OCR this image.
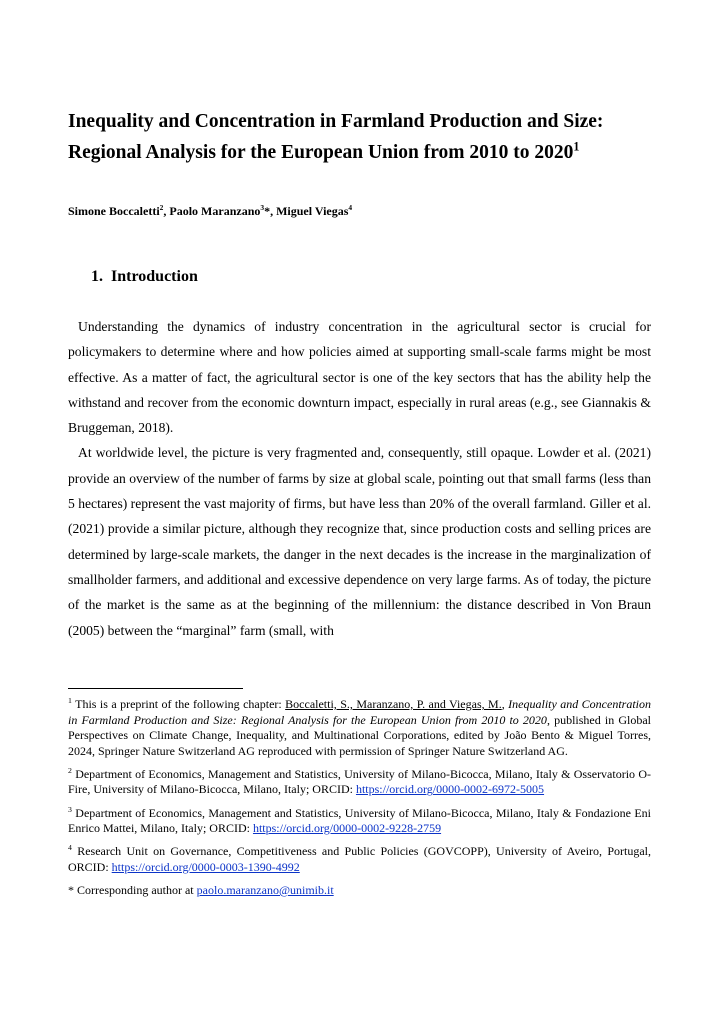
Inequality and Concentration in Farmland Production and Size:

Regional Analysis for the European Union from 2010 to 2020$^1$

Simone Boccaletti$^2$, Paolo Maranzano$^3$*, Miguel Viegas$^4$
1. Introduction

Understanding the dynamics of industry concentration in the agricultural sector is crucial for policymakers to determine where and how policies aimed at supporting small-scale farms might be most effective. As a matter of fact, the agricultural sector is one of the key sectors that has the ability help the withstand and recover from the economic downturn impact, especially in rural areas (e.g., see Giannakis & Bruggeman, 2018).

At worldwide level, the picture is very fragmented and, consequently, still opaque. Lowder et al. (2021) provide an overview of the number of farms by size at global scale, pointing out that small farms (less than 5 hectares) represent the vast majority of firms, but have less than 20% of the overall farmland. Giller et al. (2021) provide a similar picture, although they recognize that, since production costs and selling prices are determined by large-scale markets, the danger in the next decades is the increase in the marginalization of smallholder farmers, and additional and excessive dependence on very large farms. As of today, the picture of the market is the same as at the beginning of the millennium: the distance described in Von Braun (2005) between the “marginal” farm (small, with

$^1$ This is a preprint of the following chapter: Boccaletti, S., Maranzano, P. and Viegas, M., Inequality and Concentration in Farmland Production and Size: Regional Analysis for the European Union from 2010 to 2020, published in Global Perspectives on Climate Change, Inequality, and Multinational Corporations, edited by João Bento & Miguel Torres, 2024, Springer Nature Switzerland AG reproduced with permission of Springer Nature Switzerland AG.

$^2$ Department of Economics, Management and Statistics, University of Milano-Bicocca, Milano, Italy & Osservatorio O-Fire, University of Milano-Bicocca, Milano, Italy; ORCID: https://orcid.org/0000-0002-6972-5005

$^3$ Department of Economics, Management and Statistics, University of Milano-Bicocca, Milano, Italy & Fondazione Eni Enrico Mattei, Milano, Italy; ORCID: https://orcid.org/0000-0002-9228-2759

$^4$ Research Unit on Governance, Competitiveness and Public Policies (GOVCOPP), University of Aveiro, Portugal, ORCID: https://orcid.org/0000-0003-1390-4992

* Corresponding author at paolo.maranzano@unimib.it
